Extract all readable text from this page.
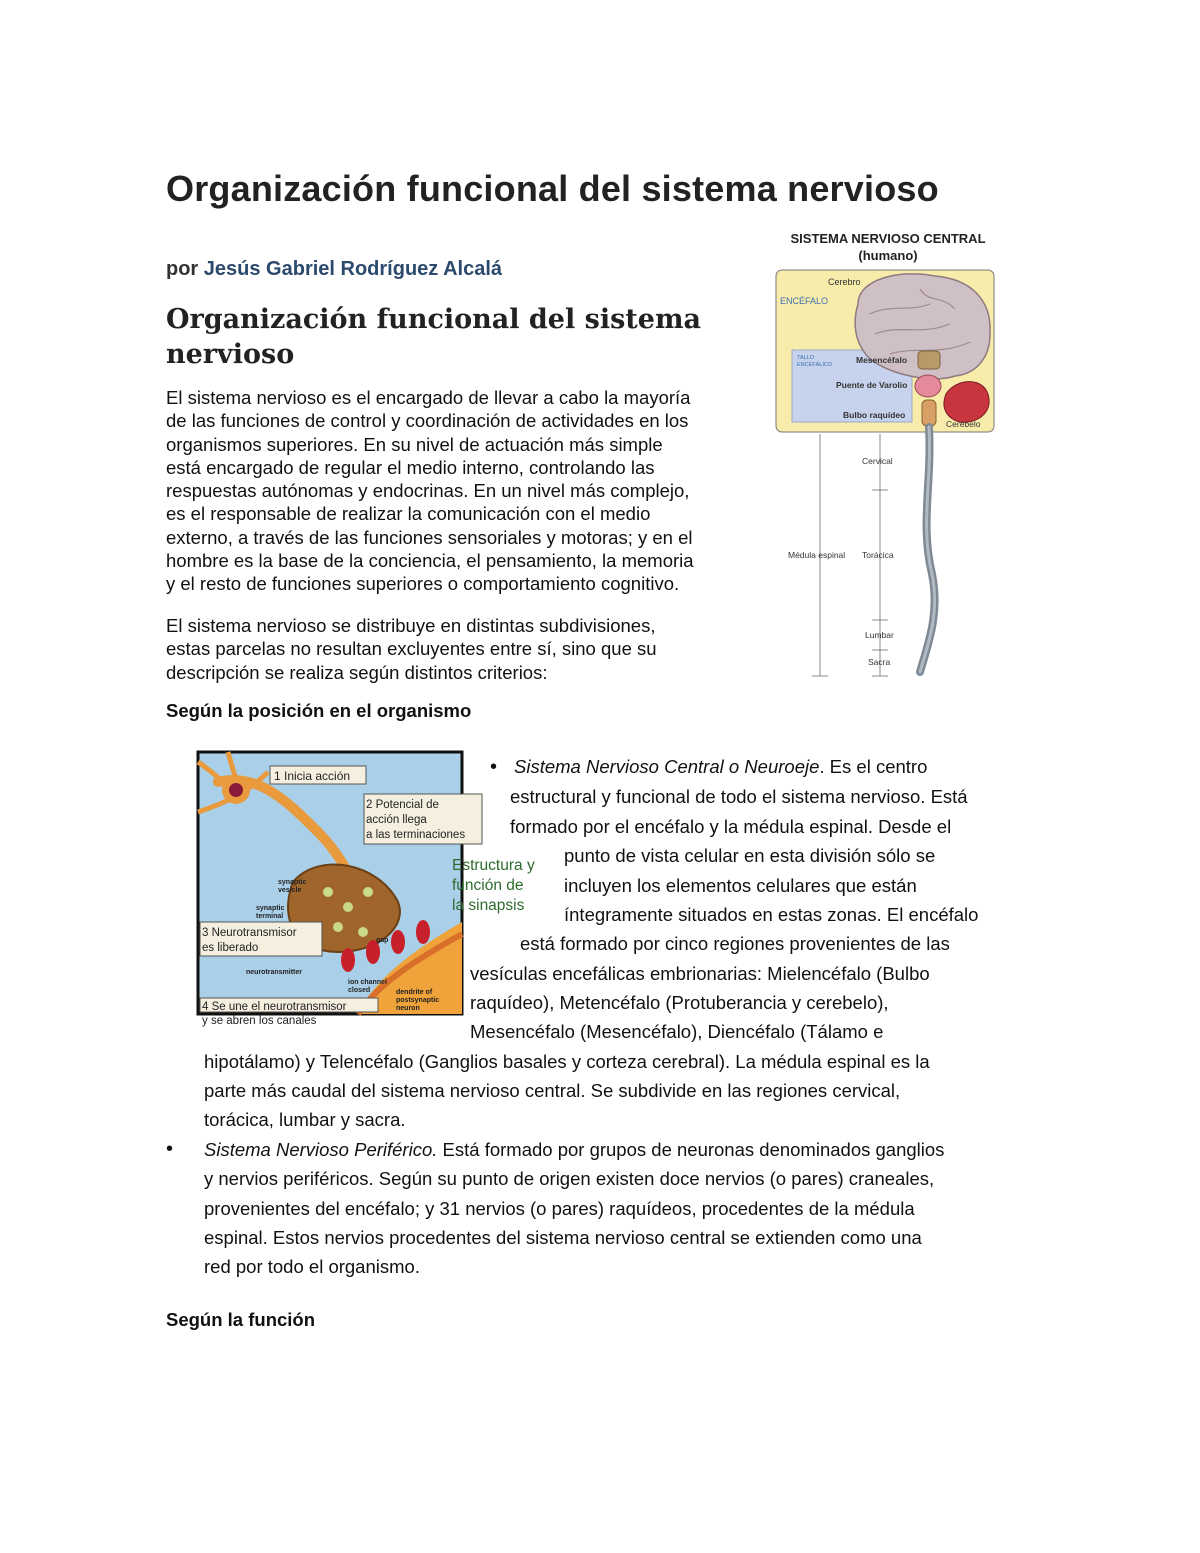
Organización funcional del sistema nervioso
por Jesús Gabriel Rodríguez Alcalá
Organización funcional del sistema nervioso
El sistema nervioso es el encargado de llevar a cabo la mayoría
de las funciones de control y coordinación de actividades en los
organismos superiores. En su nivel de actuación más simple
está encargado de regular el medio interno, controlando las
respuestas autónomas y endocrinas. En un nivel más complejo,
es el responsable de realizar la comunicación con el medio
externo, a través de las funciones sensoriales y motoras; y en el
hombre es la base de la conciencia, el pensamiento, la memoria
y el resto de funciones superiores o comportamiento cognitivo.
El sistema nervioso se distribuye en distintas subdivisiones,
estas parcelas no resultan excluyentes entre sí, sino que su
descripción se realiza según distintos criterios:
Según la posición en el organismo
SISTEMA NERVIOSO CENTRAL
(humano)
ENCÉFALO
Cerebro
TALLO
ENCEFÁLICO	Mesencéfalo
Puente de Varolio
Bulbo raquídeo
Cerebelo
Cervical
Médula espinal Torácica
Lumbar
Sacra
1 Inicia acción
2 Potencial de
acción llega
a las terminaciones
3 Neurotransmisor
es liberado
4 Se une el neurotransmisor
y se abren los canales
synaptic
vesicle
synaptic
terminal
gap
neurotransmitter
ion channel
closed	dendrite of
postsynaptic
neuron
Estructura y
función de
la sinapsis
• Sistema Nervioso Central o Neuroeje. Es el centro
estructural y funcional de todo el sistema nervioso. Está
formado por el encéfalo y la médula espinal. Desde el
punto de vista celular en esta división sólo se
incluyen los elementos celulares que están
íntegramente situados en estas zonas. El encéfalo
está formado por cinco regiones provenientes de las
vesículas encefálicas embrionarias: Mielencéfalo (Bulbo
raquídeo), Metencéfalo (Protuberancia y cerebelo),
Mesencéfalo (Mesencéfalo), Diencéfalo (Tálamo e
hipotálamo) y Telencéfalo (Ganglios basales y corteza cerebral). La médula espinal es la
parte más caudal del sistema nervioso central. Se subdivide en las regiones cervical,
torácica, lumbar y sacra.
• Sistema Nervioso Periférico. Está formado por grupos de neuronas denominados ganglios
y nervios periféricos. Según su punto de origen existen doce nervios (o pares) craneales,
provenientes del encéfalo; y 31 nervios (o pares) raquídeos, procedentes de la médula
espinal. Estos nervios procedentes del sistema nervioso central se extienden como una
red por todo el organismo.
Según la función
